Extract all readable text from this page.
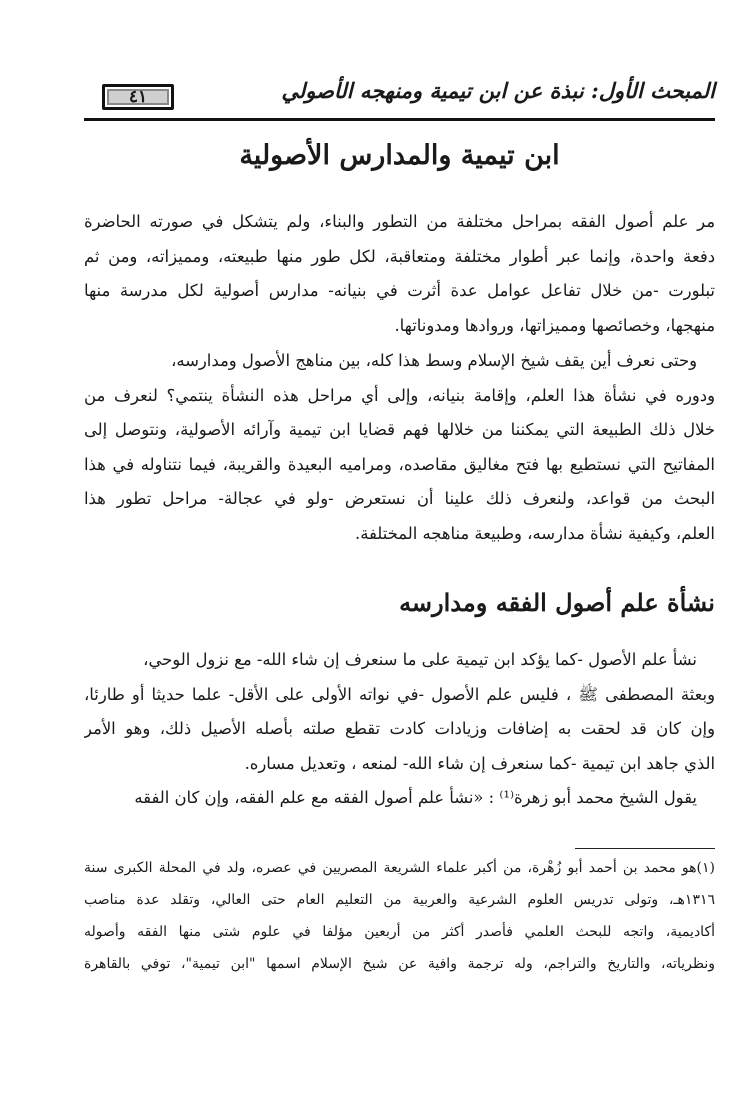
المبحث الأول: نبذة عن ابن تيمية ومنهجه الأصولي
٤١
ابن تيمية والمدارس الأصولية
مر علم أصول الفقه بمراحل مختلفة من التطور والبناء، ولم يتشكل في صورته الحاضرة
دفعة واحدة، وإنما عبر أطوار مختلفة ومتعاقبة، لكل طور منها طبيعته، ومميزاته، ومن ثم
تبلورت -من خلال تفاعل عوامل عدة أثرت في بنيانه- مدارس أصولية لكل مدرسة منها
منهجها، وخصائصها ومميزاتها، وروادها ومدوناتها.
وحتى نعرف أين يقف شيخ الإسلام وسط هذا كله، بين مناهج الأصول ومدارسه،
ودوره في نشأة هذا العلم، وإقامة بنيانه، وإلى أي مراحل هذه النشأة ينتمي؟ لنعرف من
خلال ذلك الطبيعة التي يمكننا من خلالها فهم قضايا ابن تيمية وآرائه الأصولية، ونتوصل إلى
المفاتيح التي نستطيع بها فتح مغاليق مقاصده، ومراميه البعيدة والقريبة، فيما نتناوله في هذا
البحث من قواعد، ولنعرف ذلك علينا أن نستعرض -ولو في عجالة- مراحل تطور هذا
العلم، وكيفية نشأة مدارسه، وطبيعة مناهجه المختلفة.
نشأة علم أصول الفقه ومدارسه
نشأ علم الأصول -كما يؤكد ابن تيمية على ما سنعرف إن شاء الله- مع نزول الوحي،
وبعثة المصطفى ﷺ ، فليس علم الأصول -في نواته الأولى على الأقل- علما حديثا أو طارئا،
وإن كان قد لحقت به إضافات وزيادات كادت تقطع صلته بأصله الأصيل ذلك، وهو الأمر
الذي جاهد ابن تيمية -كما سنعرف إن شاء الله- لمنعه ، وتعديل مساره.
يقول الشيخ محمد أبو زهرة⁽¹⁾ : «نشأ علم أصول الفقه مع علم الفقه، وإن كان الفقه
(١)هو محمد بن أحمد أبو زُهْرة، من أكبر علماء الشريعة المصريين في عصره، ولد في المحلة الكبرى سنة
١٣١٦هـ، وتولى تدريس العلوم الشرعية والعربية من التعليم العام حتى العالي، وتقلد عدة مناصب
أكاديمية، واتجه للبحث العلمي فأصدر أكثر من أربعين مؤلفا في علوم شتى منها الفقه وأصوله
ونظرياته، والتاريخ والتراجم، وله ترجمة وافية عن شيخ الإسلام اسمها "ابن تيمية"، توفي بالقاهرة
